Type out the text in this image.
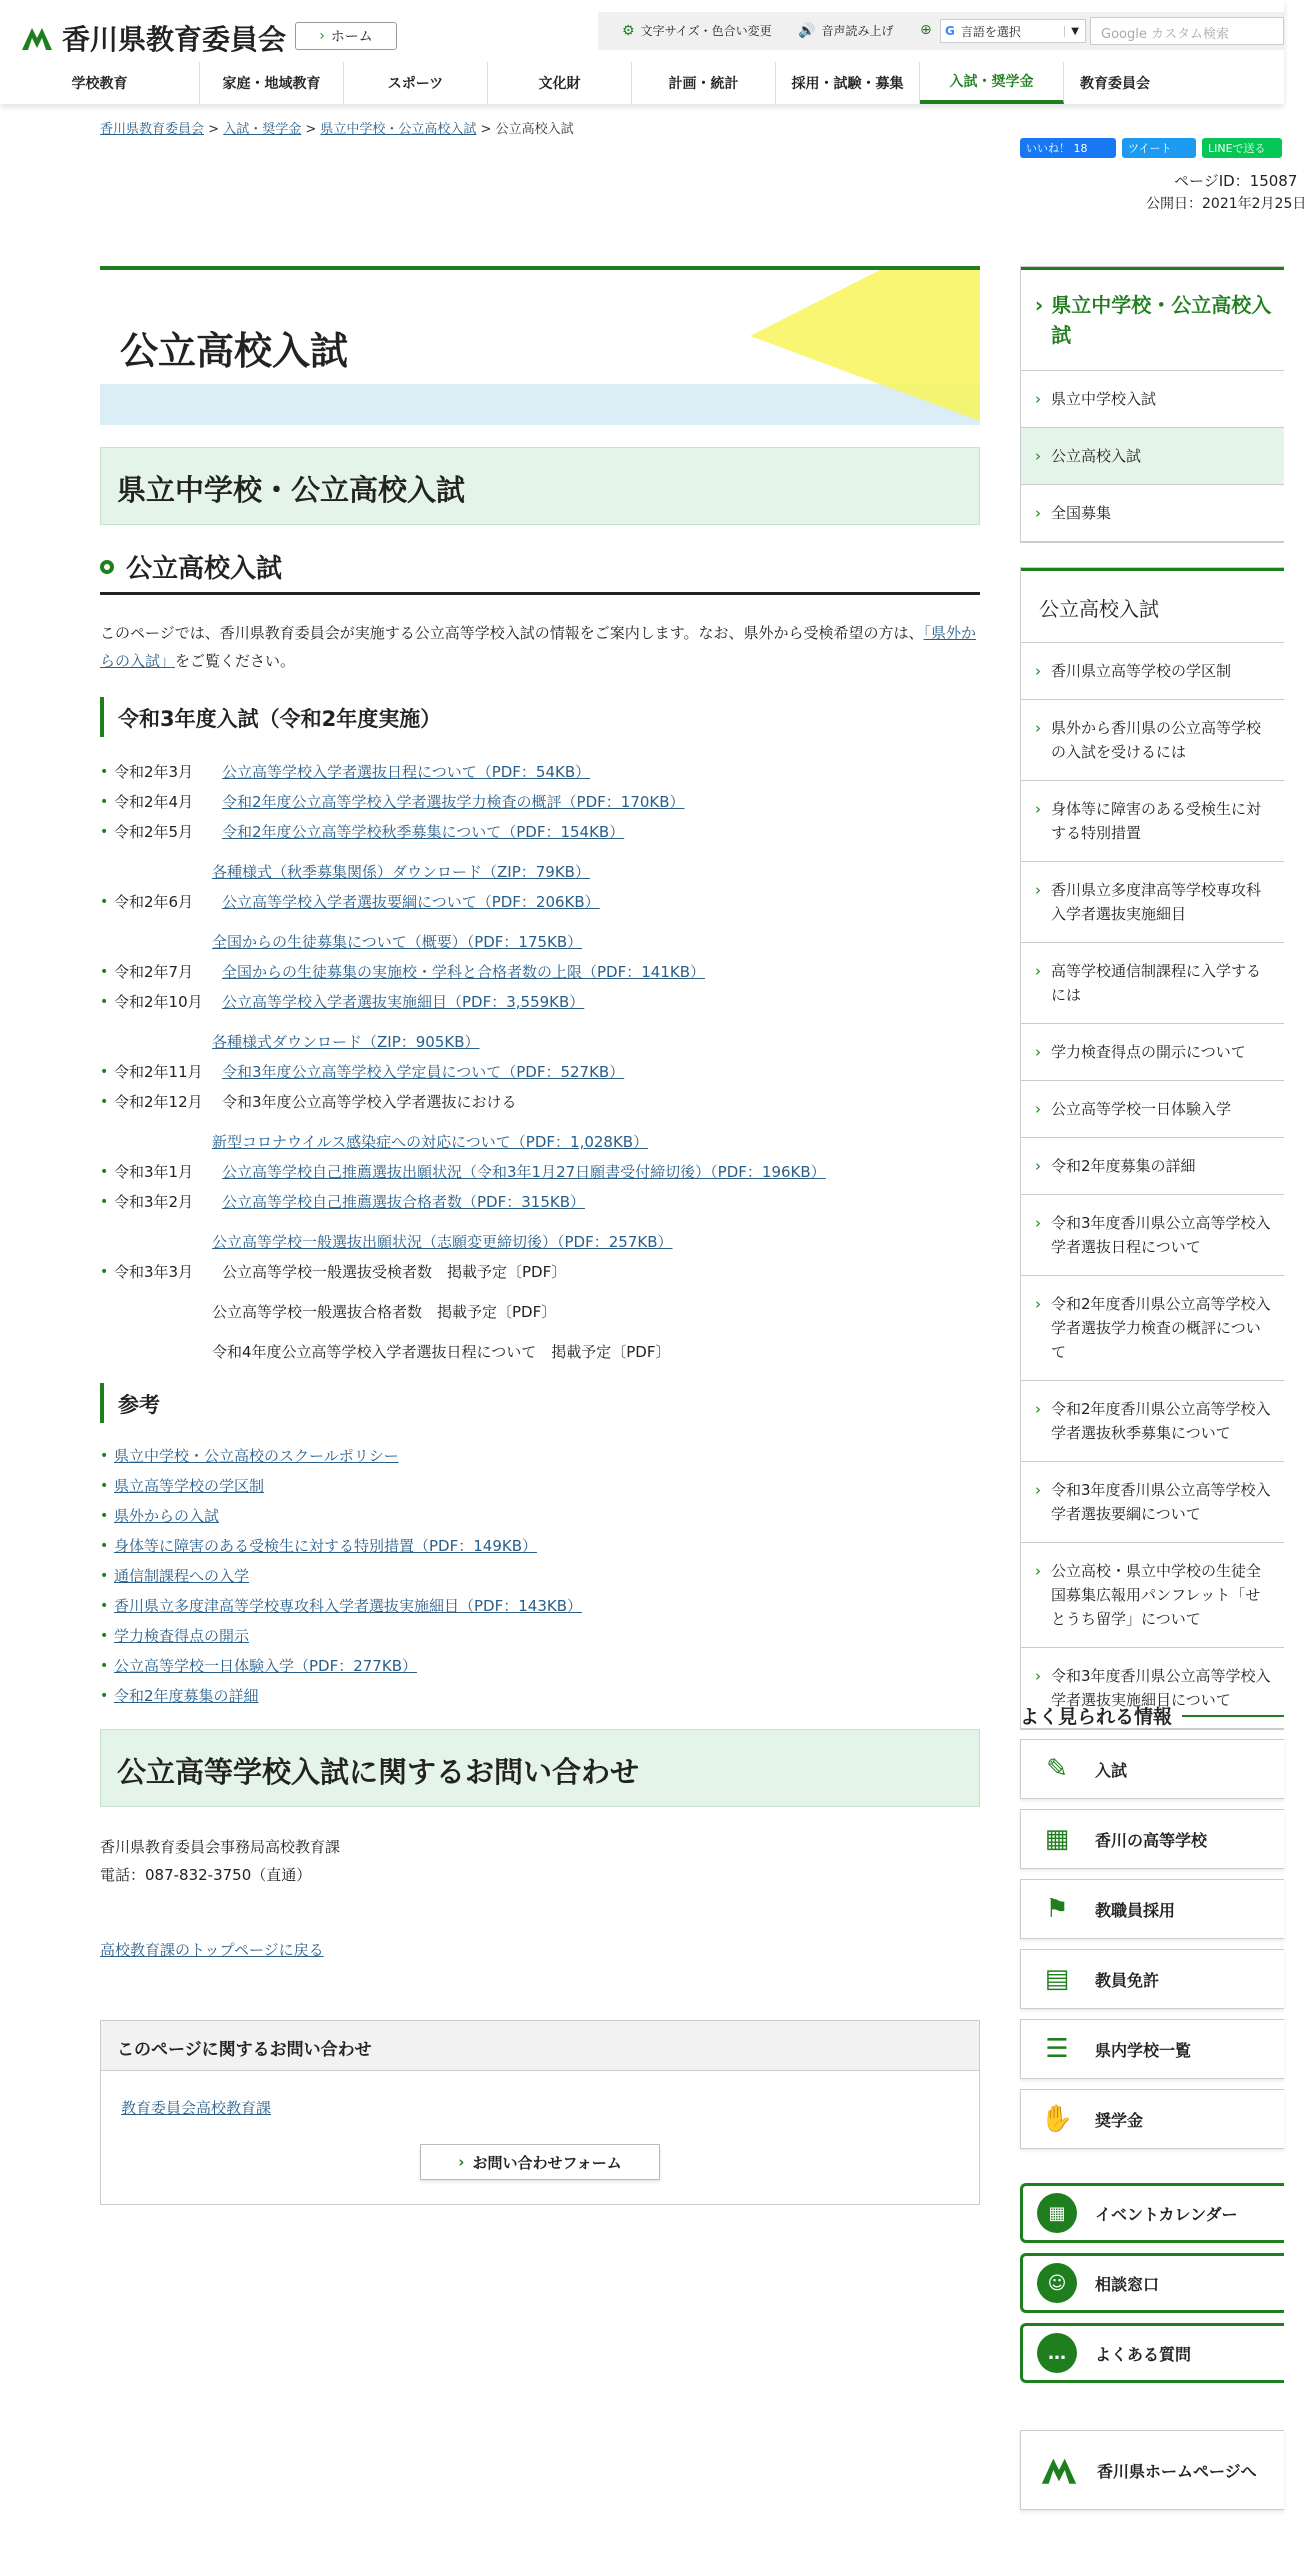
香川県教育委員会 › ホーム	⚙ 文字サイズ・色合い変更 🔊 音声読み上げ ⊕ G 言語を選択	▼	Google カスタム検索
学校教育	家庭・地域教育	スポーツ	文化財	計画・統計	採用・試験・募集	入試・奨学金	教育委員会
香川県教育委員会 > 入試・奨学金 > 県立中学校・公立高校入試 > 公立高校入試
いいね！ 18	ツイート	LINEで送る
ページID：15087
公開日：2021年2月25日
公立高校入試
県立中学校・公立高校入試
公立高校入試
このページでは、香川県教育委員会が実施する公立高等学校入試の情報をご案内します。なお、県外から受検希望の方は、「県外からの入試」をご覧ください。
令和3年度入試（令和2年度実施）
• 令和2年3月	公立高等学校入学者選抜日程について（PDF：54KB）
• 令和2年4月	令和2年度公立高等学校入学者選抜学力検査の概評（PDF：170KB）
• 令和2年5月	令和2年度公立高等学校秋季募集について（PDF：154KB）
各種様式（秋季募集関係）ダウンロード（ZIP：79KB）
• 令和2年6月	公立高等学校入学者選抜要綱について（PDF：206KB）
全国からの生徒募集について（概要）（PDF：175KB）
• 令和2年7月	全国からの生徒募集の実施校・学科と合格者数の上限（PDF：141KB）
• 令和2年10月	公立高等学校入学者選抜実施細目（PDF：3,559KB）
各種様式ダウンロード（ZIP：905KB）
• 令和2年11月	令和3年度公立高等学校入学定員について（PDF：527KB）
• 令和2年12月	令和3年度公立高等学校入学者選抜における
新型コロナウイルス感染症への対応について（PDF：1,028KB）
• 令和3年1月	公立高等学校自己推薦選抜出願状況（令和3年1月27日願書受付締切後）（PDF：196KB）
• 令和3年2月	公立高等学校自己推薦選抜合格者数（PDF：315KB）
公立高等学校一般選抜出願状況（志願変更締切後）（PDF：257KB）
• 令和3年3月	公立高等学校一般選抜受検者数　掲載予定〔PDF〕
公立高等学校一般選抜合格者数　掲載予定〔PDF〕
令和4年度公立高等学校入学者選抜日程について　掲載予定〔PDF〕
参考
• 県立中学校・公立高校のスクールポリシー
• 県立高等学校の学区制
• 県外からの入試
• 身体等に障害のある受検生に対する特別措置（PDF：149KB）
• 通信制課程への入学
• 香川県立多度津高等学校専攻科入学者選抜実施細目（PDF：143KB）
• 学力検査得点の開示
• 公立高等学校一日体験入学（PDF：277KB）
• 令和2年度募集の詳細
公立高等学校入試に関するお問い合わせ
香川県教育委員会事務局高校教育課
電話：087-832-3750（直通）
高校教育課のトップページに戻る
このページに関するお問い合わせ
教育委員会高校教育課
› お問い合わせフォーム
› 県立中学校・公立高校入試
› 県立中学校入試
› 公立高校入試
› 全国募集
公立高校入試
› 香川県立高等学校の学区制
› 県外から香川県の公立高等学校の入試を受けるには
› 身体等に障害のある受検生に対する特別措置
› 香川県立多度津高等学校専攻科入学者選抜実施細目
› 高等学校通信制課程に入学するには
› 学力検査得点の開示について
› 公立高等学校一日体験入学
› 令和2年度募集の詳細
› 令和3年度香川県公立高等学校入学者選抜日程について
› 令和2年度香川県公立高等学校入学者選抜学力検査の概評について
› 令和2年度香川県公立高等学校入学者選抜秋季募集について
› 令和3年度香川県公立高等学校入学者選抜要綱について
› 公立高校・県立中学校の生徒全国募集広報用パンフレット「せとうち留学」について
› 令和3年度香川県公立高等学校入学者選抜実施細目について
よく見られる情報
✎	入試
▦	香川の高等学校
⚑	教職員採用
▤	教員免許
☰	県内学校一覧
✋ 奨学金
▦	イベントカレンダー
☺	相談窓口
…	よくある質問
香川県ホームページへ
